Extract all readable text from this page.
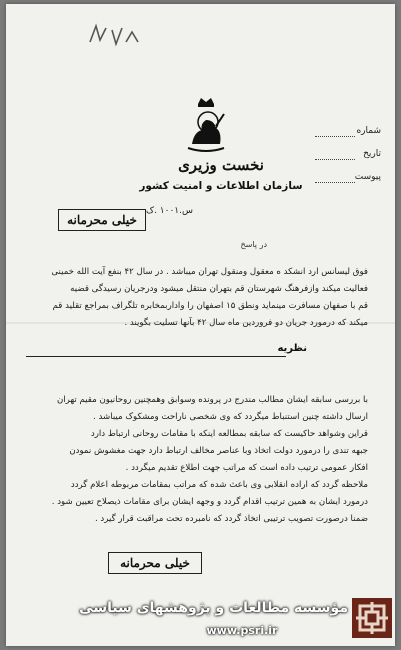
شماره
تاریخ
پیوست
نخست وزیری
سازمان اطلاعات و امنیت کشور
خیلی محرمانه
س.۱۰۰۱ .ک
در پاسخ
فوق لیسانس ارد انشکد ه معقول ومنقول تهران میباشد . در سال ۴۲ بنفع آیت الله خمینی
فعالیت میکند وازفرهنگ شهرستان قم بتهران منتقل میشود ودرجریان رسیدگی قضیه
قم با صفهان مسافرت مینماید ونطق ۱۵ اصفهان را واداربمخابره تلگراف بمراجع تقلید قم
میکند که درمورد جریان دو فروردین ماه سال ۴۲ بآنها تسلیت بگویند .
نظریه
با بررسی سابقه ایشان مطالب مندرج در پرونده وسوابق وهمچنین روحانیون مقیم تهران
ارسال داشته چنین استنباط میگردد که وی شخصی ناراحت ومشکوک میباشد .
قراین وشواهد حاکیست که سابقه بمطالعه اینکه با مقامات روحانی ارتباط دارد
جبهه تندی را درمورد دولت اتخاذ وبا عناصر مخالف ارتباط دارد جهت مغشوش نمودن
افکار عمومی ترتیب داده است که مراتب جهت اطلاع تقدیم میگردد .
ملاحظه گردد که اراده انقلابی وی باعث شده که مراتب بمقامات مربوطه اعلام گردد
درمورد ایشان به همین ترتیب اقدام گردد و وجهه ایشان برای مقامات ذیصلاح تعیین شود .
ضمنا درصورت تصویب ترتیبی اتخاذ گردد که نامبرده تحت مراقبت قرار گیرد .
خیلی محرمانه
مؤسسه مطالعات و پژوهشهای سیاسی
www.psri.ir
